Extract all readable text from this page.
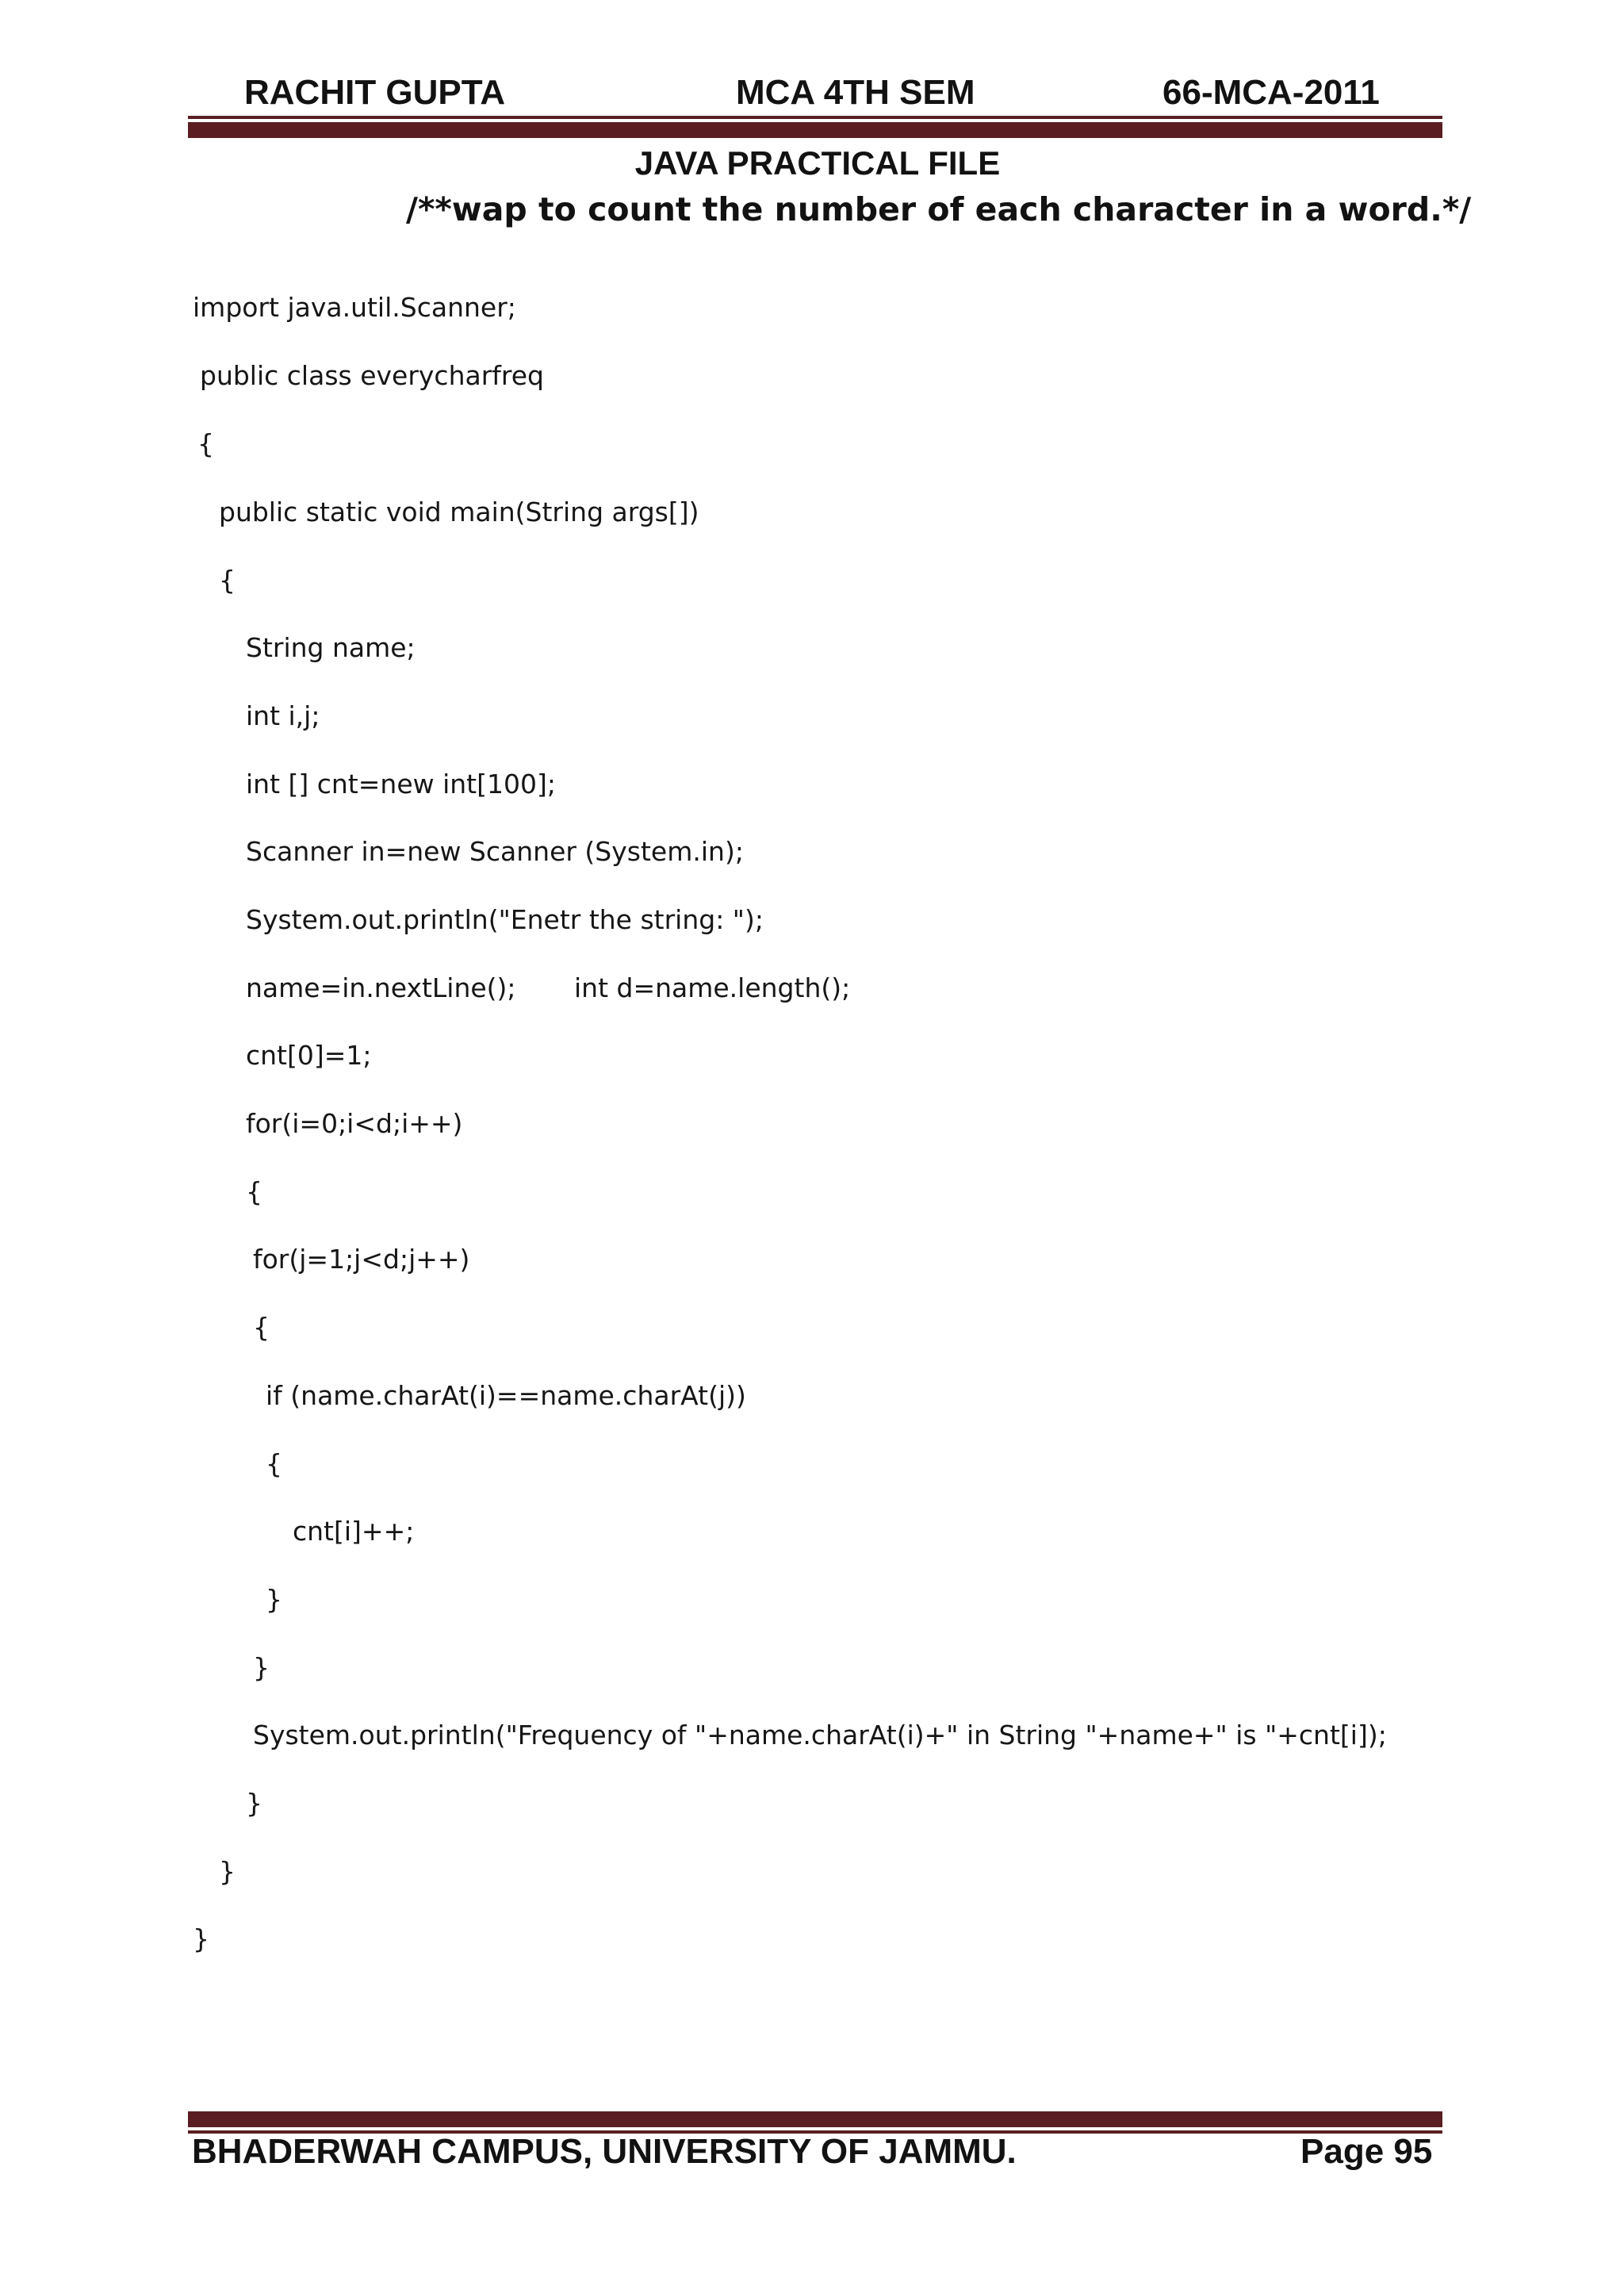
RACHIT GUPTA	MCA 4TH SEM	66-MCA-2011
JAVA PRACTICAL FILE
/**wap to count the number of each character in a word.*/
import java.util.Scanner;
public class everycharfreq
{
public static void main(String args[])
{
String name;
int i,j;
int [] cnt=new int[100];
Scanner in=new Scanner (System.in);
System.out.println("Enetr the string: ");
name=in.nextLine();       int d=name.length();
cnt[0]=1;
for(i=0;i<d;i++)
{
for(j=1;j<d;j++)
{
if (name.charAt(i)==name.charAt(j))
{
cnt[i]++;
}
}
System.out.println("Frequency of "+name.charAt(i)+" in String "+name+" is "+cnt[i]);
}
}
}
BHADERWAH CAMPUS, UNIVERSITY OF JAMMU.	Page 95
